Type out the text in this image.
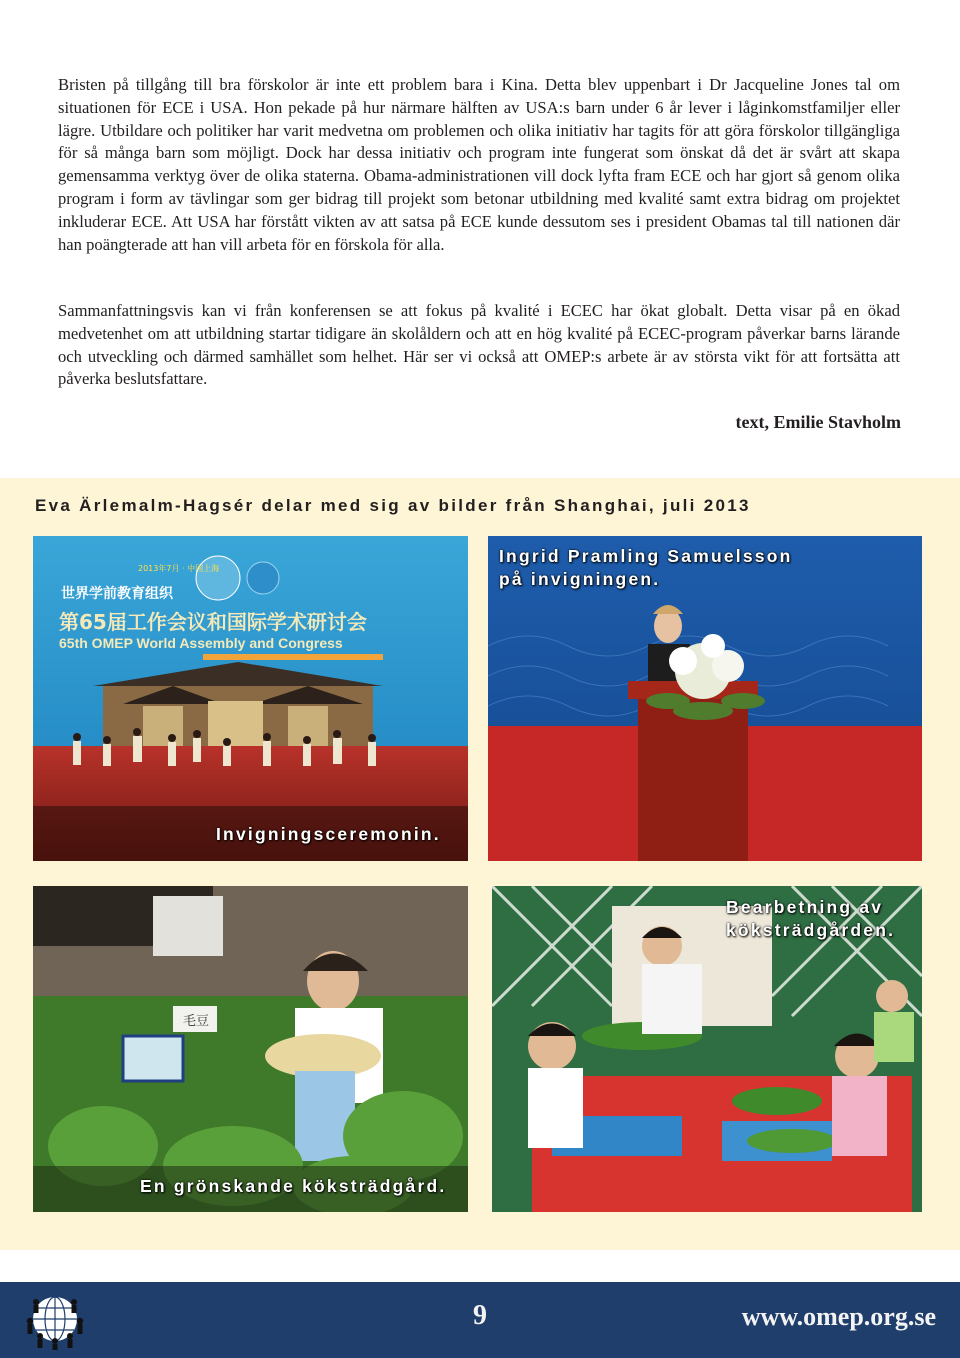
Bristen på tillgång till bra förskolor är inte ett problem bara i Kina. Detta blev uppenbart i Dr Jacqueline Jones tal om situationen för ECE i USA. Hon pekade på hur närmare hälften av USA:s barn under 6 år lever i låginkomstfamiljer eller lägre. Utbildare och politiker har varit medvetna om problemen och olika initiativ har tagits för att göra förskolor tillgängliga för så många barn som möjligt. Dock har dessa initiativ och program inte fungerat som önskat då det är svårt att skapa gemensamma verktyg över de olika staterna. Obama-administrationen vill dock lyfta fram ECE och har gjort så genom olika program i form av tävlingar som ger bidrag till projekt som betonar utbildning med kvalité samt extra bidrag om projektet inkluderar ECE. Att USA har förstått vikten av att satsa på ECE kunde dessutom ses i president Obamas tal till nationen där han poängterade att han vill arbeta för en förskola för alla.

Sammanfattningsvis kan vi från konferensen se att fokus på kvalité i ECEC har ökat globalt. Detta visar på en ökad medvetenhet om att utbildning startar tidigare än skolåldern och att en hög kvalité på ECEC-program påverkar barns lärande och utveckling och därmed samhället som helhet. Här ser vi också att OMEP:s arbete är av största vikt för att fortsätta att påverka beslutsfattare.

text, Emilie Stavholm
Eva Ärlemalm-Hagsér delar med sig av bilder från Shanghai, juli 2013
2013年7月 · 中国上海
世界学前教育组织
第65届工作会议和国际学术研讨会
65th OMEP World Assembly and Congress
Invigningsceremonin.
Ingrid Pramling Samuelsson
på invigningen.
毛豆
En grönskande köksträdgård.
Bearbetning av
köksträdgården.
9	www.omep.org.se
